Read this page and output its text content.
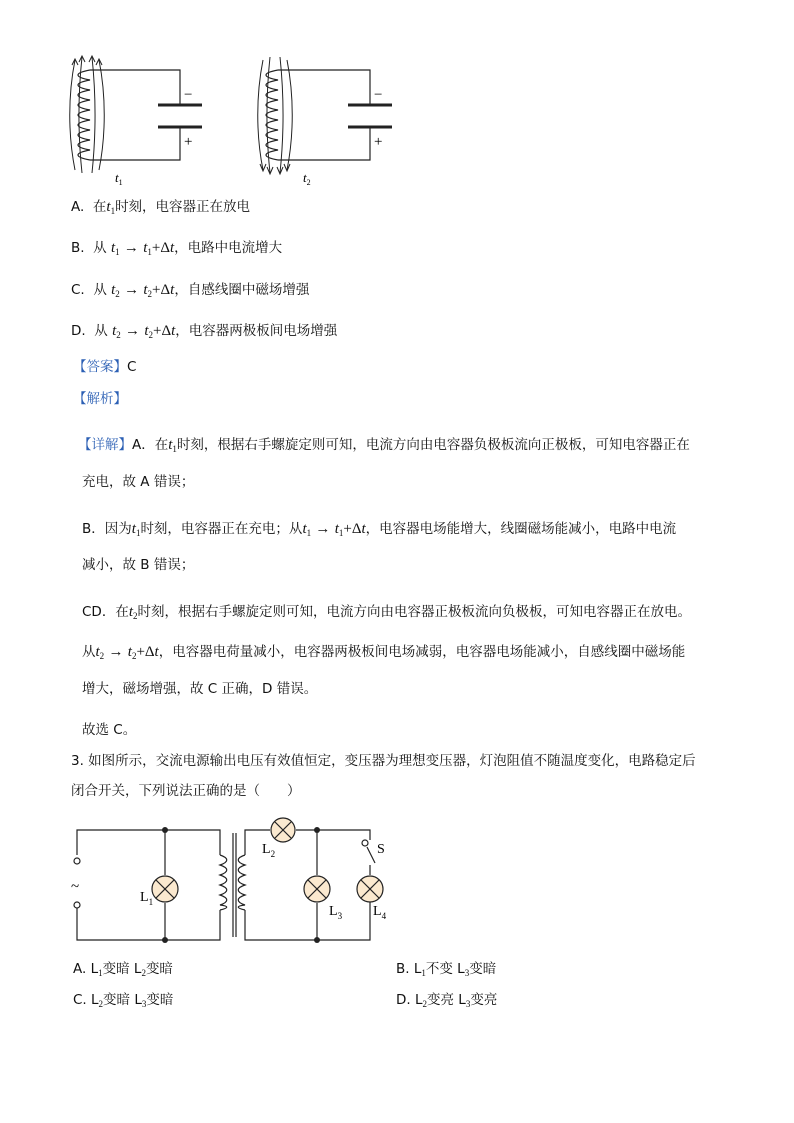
−
+
−
+
$t_1$	$t_2$
A. 在$t_1$时刻，电容器正在放电
B. 从 $t_1 \to t_1+\Delta t$，电路中电流增大
C. 从 $t_2 \to t_2+\Delta t$，自感线圈中磁场增强
D. 从 $t_2 \to t_2+\Delta t$，电容器两极板间电场增强
【答案】C
【解析】
【详解】A．在$t_1$时刻，根据右手螺旋定则可知，电流方向由电容器负极板流向正极板，可知电容器正在
充电，故 A 错误；
B．因为$t_1$时刻，电容器正在充电；从$t_1 \to t_1+\Delta t$，电容器电场能增大，线圈磁场能减小，电路中电流
减小，故 B 错误；
CD．在$t_2$时刻，根据右手螺旋定则可知，电流方向由电容器正极板流向负极板，可知电容器正在放电。
从$t_2 \to t_2+\Delta t$，电容器电荷量减小，电容器两极板间电场减弱，电容器电场能减小，自感线圈中磁场能
增大，磁场增强，故 C 正确，D 错误。
故选 C。
3. 如图所示，交流电源输出电压有效值恒定，变压器为理想变压器，灯泡阻值不随温度变化，电路稳定后
闭合开关，下列说法正确的是（　　）
~
$L_1$
$L_2$
$L_3$ $L_4$
S
A. $L_1$变暗 $L_2$变暗	B. $L_1$不变 $L_3$变暗
C. $L_2$变暗 $L_3$变暗	D. $L_2$变亮 $L_3$变亮
